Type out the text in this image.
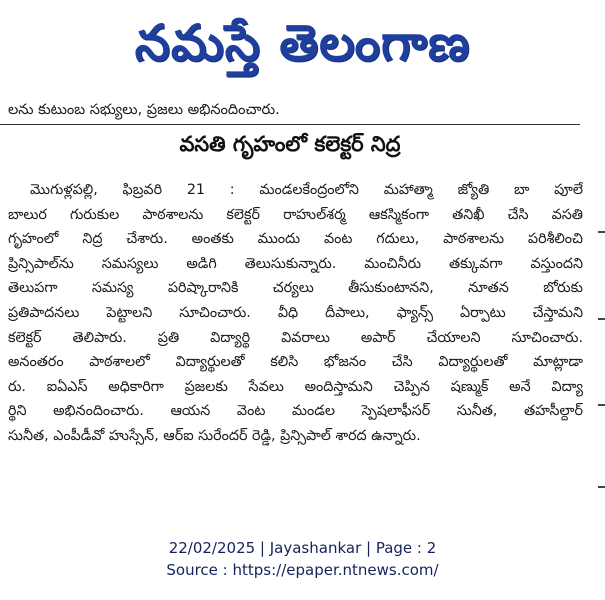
నమస్తే తెలంగాణ
లను కుటుంబ సభ్యులు, ప్రజలు అభినందించారు.
వసతి గృహంలో కలెక్టర్ నిద్ర
మొగుళ్లపల్లి, ఫిబ్రవరి 21 : మండలకేంద్రంలోని మహాత్మా జ్యోతి బా పూలే
బాలుర గురుకుల పాఠశాలను కలెక్టర్ రాహుల్‌శర్మ ఆకస్మికంగా తనిఖీ చేసి వసతి
గృహంలో నిద్ర చేశారు. అంతకు ముందు వంట గదులు, పాఠశాలను పరిశీలించి
ప్రిన్సిపాల్‌ను సమస్యలు అడిగి తెలుసుకున్నారు. మంచినీరు తక్కువగా వస్తుందని
తెలుపగా సమస్య పరిష్కారానికి చర్యలు తీసుకుంటానని, నూతన బోరుకు
ప్రతిపాదనలు పెట్టాలని సూచించారు. వీధి దీపాలు, ఫ్యాన్స్ ఏర్పాటు చేస్తామని
కలెక్టర్ తెలిపారు. ప్రతి విద్యార్థి వివరాలు అపార్ చేయాలని సూచించారు.
అనంతరం పాఠశాలలో విద్యార్థులతో కలిసి భోజనం చేసి విద్యార్థులతో మాట్లాడా
రు. ఐఏఎస్ అధికారిగా ప్రజలకు సేవలు అందిస్తామని చెప్పిన షణ్ముక్ అనే విద్యా
ర్థిని అభినందించారు. ఆయన వెంట మండల స్పెషలాఫీసర్ సునీత, తహసీల్దార్
సునీత, ఎంపీడీవో హుస్సేన్, ఆర్ఐ సురేందర్ రెడ్డి, ప్రిన్సిపాల్ శారద ఉన్నారు.
22/02/2025 | Jayashankar | Page : 2
Source : https://epaper.ntnews.com/
